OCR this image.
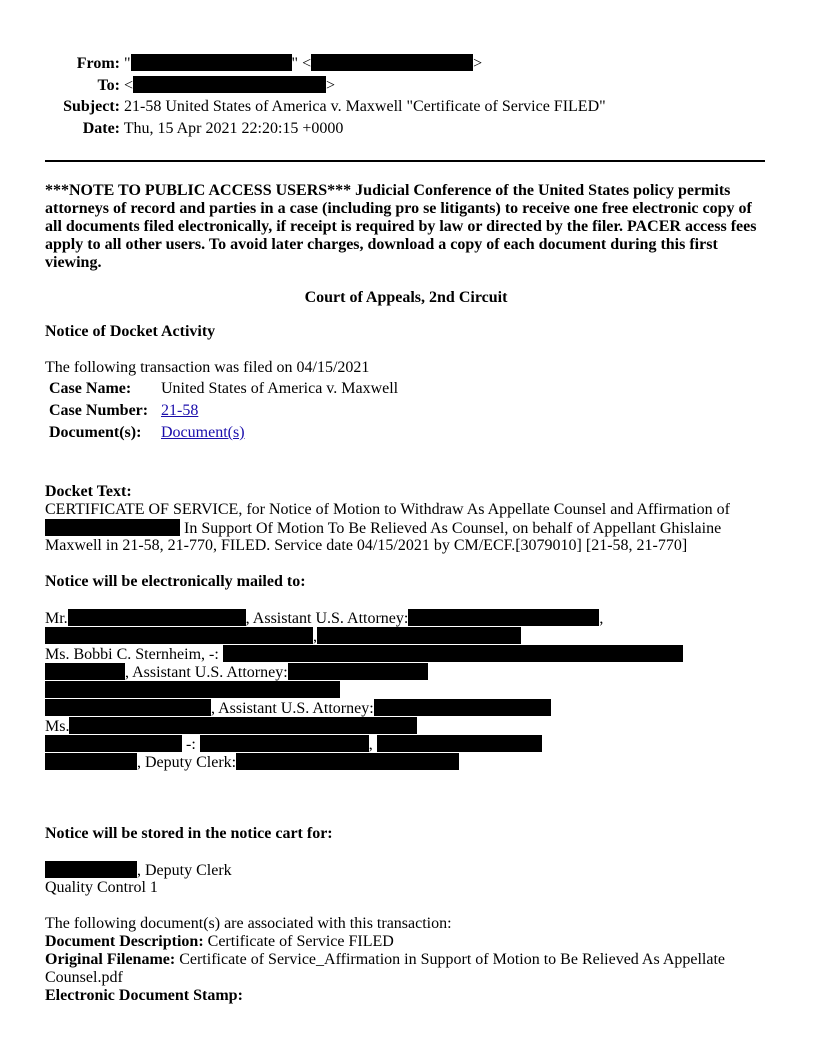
From: "	" <	>
To: <	>
Subject: 21-58 United States of America v. Maxwell "Certificate of Service FILED"
Date: Thu, 15 Apr 2021 22:20:15 +0000
***NOTE TO PUBLIC ACCESS USERS*** Judicial Conference of the United States policy permits
attorneys of record and parties in a case (including pro se litigants) to receive one free electronic copy of
all documents filed electronically, if receipt is required by law or directed by the filer. PACER access fees
apply to all other users. To avoid later charges, download a copy of each document during this first
viewing.
Court of Appeals, 2nd Circuit
Notice of Docket Activity
The following transaction was filed on 04/15/2021
Case Name:	United States of America v. Maxwell
Case Number:	21-58
Document(s):	Document(s)
Docket Text:
CERTIFICATE OF SERVICE, for Notice of Motion to Withdraw As Appellate Counsel and Affirmation of
In Support Of Motion To Be Relieved As Counsel, on behalf of Appellant Ghislaine
Maxwell in 21-58, 21-770, FILED. Service date 04/15/2021 by CM/ECF.[3079010] [21-58, 21-770]
Notice will be electronically mailed to:
Mr.	, Assistant U.S. Attorney:	,
,
Ms. Bobbi C. Sternheim, -:
, Assistant U.S. Attorney:
, Assistant U.S. Attorney:
Ms.
-:	,
, Deputy Clerk:
Notice will be stored in the notice cart for:
, Deputy Clerk
Quality Control 1
The following document(s) are associated with this transaction:
Document Description: Certificate of Service FILED
Original Filename: Certificate of Service_Affirmation in Support of Motion to Be Relieved As Appellate
Counsel.pdf
Electronic Document Stamp:
